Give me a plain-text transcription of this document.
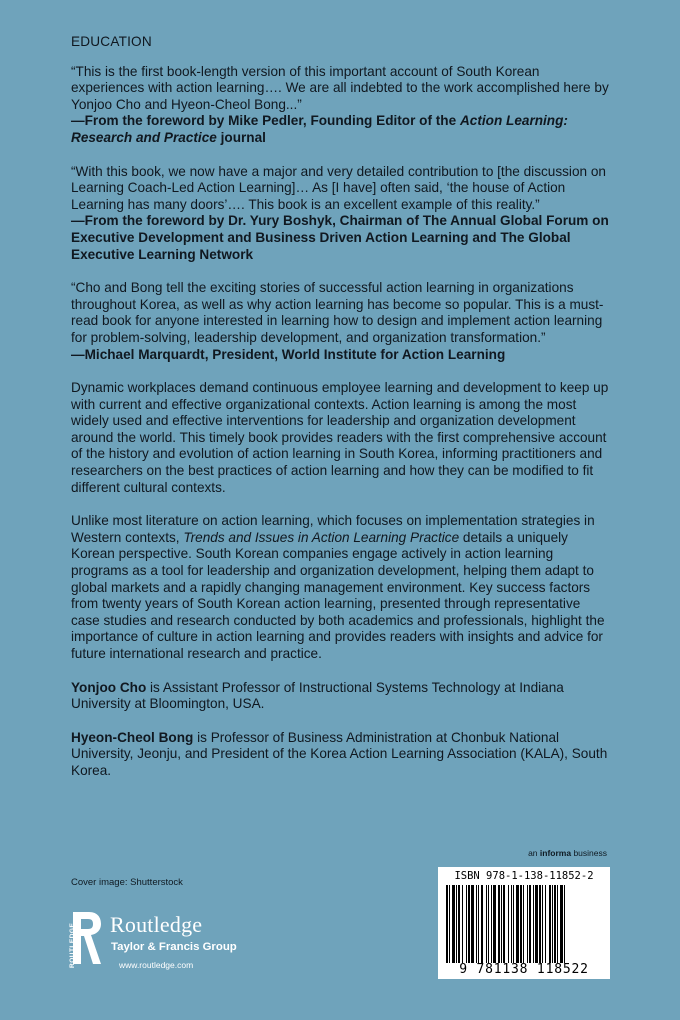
EDUCATION
“This is the first book-length version of this important account of South Korean experiences with action learning…. We are all indebted to the work accomplished here by Yonjoo Cho and Hyeon-Cheol Bong...”
—From the foreword by Mike Pedler, Founding Editor of the Action Learning: Research and Practice journal
“With this book, we now have a major and very detailed contribution to [the discussion on Learning Coach-Led Action Learning]… As [I have] often said, ‘the house of Action Learning has many doors’…. This book is an excellent example of this reality.”
—From the foreword by Dr. Yury Boshyk, Chairman of The Annual Global Forum on Executive Development and Business Driven Action Learning and The Global Executive Learning Network
“Cho and Bong tell the exciting stories of successful action learning in organizations throughout Korea, as well as why action learning has become so popular. This is a must-read book for anyone interested in learning how to design and implement action learning for problem-solving, leadership development, and organization transformation.”
—Michael Marquardt, President, World Institute for Action Learning
Dynamic workplaces demand continuous employee learning and development to keep up with current and effective organizational contexts. Action learning is among the most widely used and effective interventions for leadership and organization development around the world. This timely book provides readers with the first comprehensive account of the history and evolution of action learning in South Korea, informing practitioners and researchers on the best practices of action learning and how they can be modified to fit different cultural contexts.
Unlike most literature on action learning, which focuses on implementation strategies in Western contexts, Trends and Issues in Action Learning Practice details a uniquely Korean perspective. South Korean companies engage actively in action learning programs as a tool for leadership and organization development, helping them adapt to global markets and a rapidly changing management environment. Key success factors from twenty years of South Korean action learning, presented through representative case studies and research conducted by both academics and professionals, highlight the importance of culture in action learning and provides readers with insights and advice for future international research and practice.
Yonjoo Cho is Assistant Professor of Instructional Systems Technology at Indiana University at Bloomington, USA.
Hyeon-Cheol Bong is Professor of Business Administration at Chonbuk National University, Jeonju, and President of the Korea Action Learning Association (KALA), South Korea.
an informa business
Cover image: Shutterstock
ROUTLEDGE Routledge
Taylor & Francis Group
www.routledge.com
ISBN 978-1-138-11852-2
9 781138 118522
